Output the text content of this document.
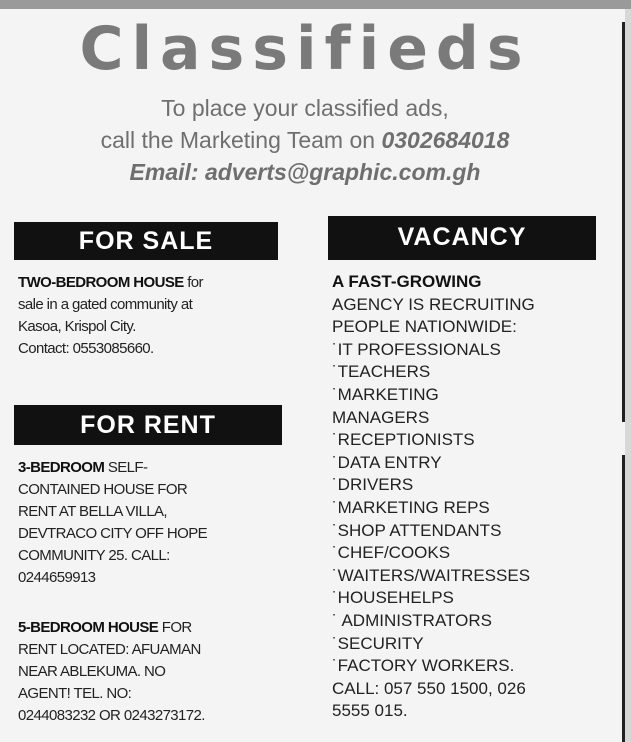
Classifieds
To place your classified ads,
call the Marketing Team on 0302684018
Email: adverts@graphic.com.gh
FOR SALE
TWO-BEDROOM HOUSE for
sale in a gated community at
Kasoa, Krispol City.
Contact: 0553085660.
FOR RENT
3-BEDROOM SELF-
CONTAINED HOUSE FOR
RENT AT BELLA VILLA,
DEVTRACO CITY OFF HOPE
COMMUNITY 25. CALL:
0244659913
5-BEDROOM HOUSE FOR
RENT LOCATED: AFUAMAN
NEAR ABLEKUMA. NO
AGENT! TEL. NO:
0244083232 OR 0243273172.
VACANCY
A FAST-GROWING
AGENCY IS RECRUITING
PEOPLE NATIONWIDE:
˙ IT PROFESSIONALS
˙ TEACHERS
˙ MARKETING
MANAGERS
˙ RECEPTIONISTS
˙ DATA ENTRY
˙ DRIVERS
˙ MARKETING REPS
˙ SHOP ATTENDANTS
˙ CHEF/COOKS
˙ WAITERS/WAITRESSES
˙ HOUSEHELPS
˙ ADMINISTRATORS
˙ SECURITY
˙ FACTORY WORKERS.
CALL: 057 550 1500, 026
5555 015.
